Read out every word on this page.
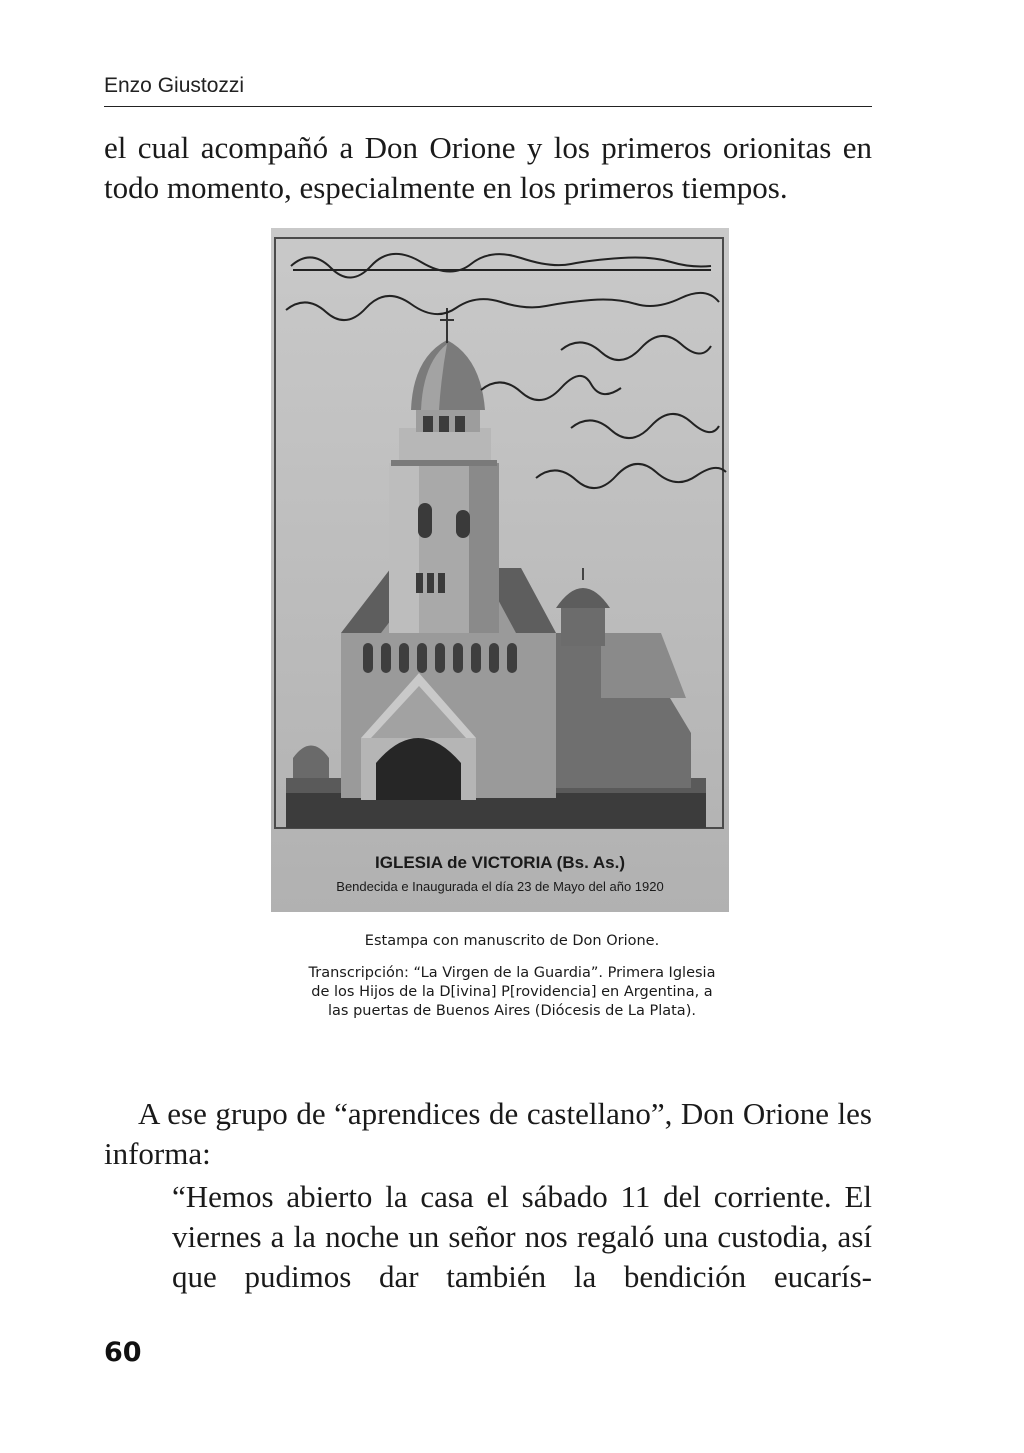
Enzo Giustozzi
el cual acompañó a Don Orione y los primeros orionitas en todo momento, especialmente en los primeros tiempos.
IGLESIA de VICTORIA (Bs. As.)
Bendecida e Inaugurada el día 23 de Mayo del año 1920
Estampa con manuscrito de Don Orione.
Transcripción: “La Virgen de la Guardia”. Primera Iglesia de los Hijos de la D[ivina] P[rovidencia] en Argentina, a las puertas de Buenos Aires (Diócesis de La Plata).
A ese grupo de “aprendices de castellano”, Don Orione les informa:
“Hemos abierto la casa el sábado 11 del corriente. El viernes a la noche un señor nos regaló una custodia, así que pudimos dar también la bendición eucarís-
60
